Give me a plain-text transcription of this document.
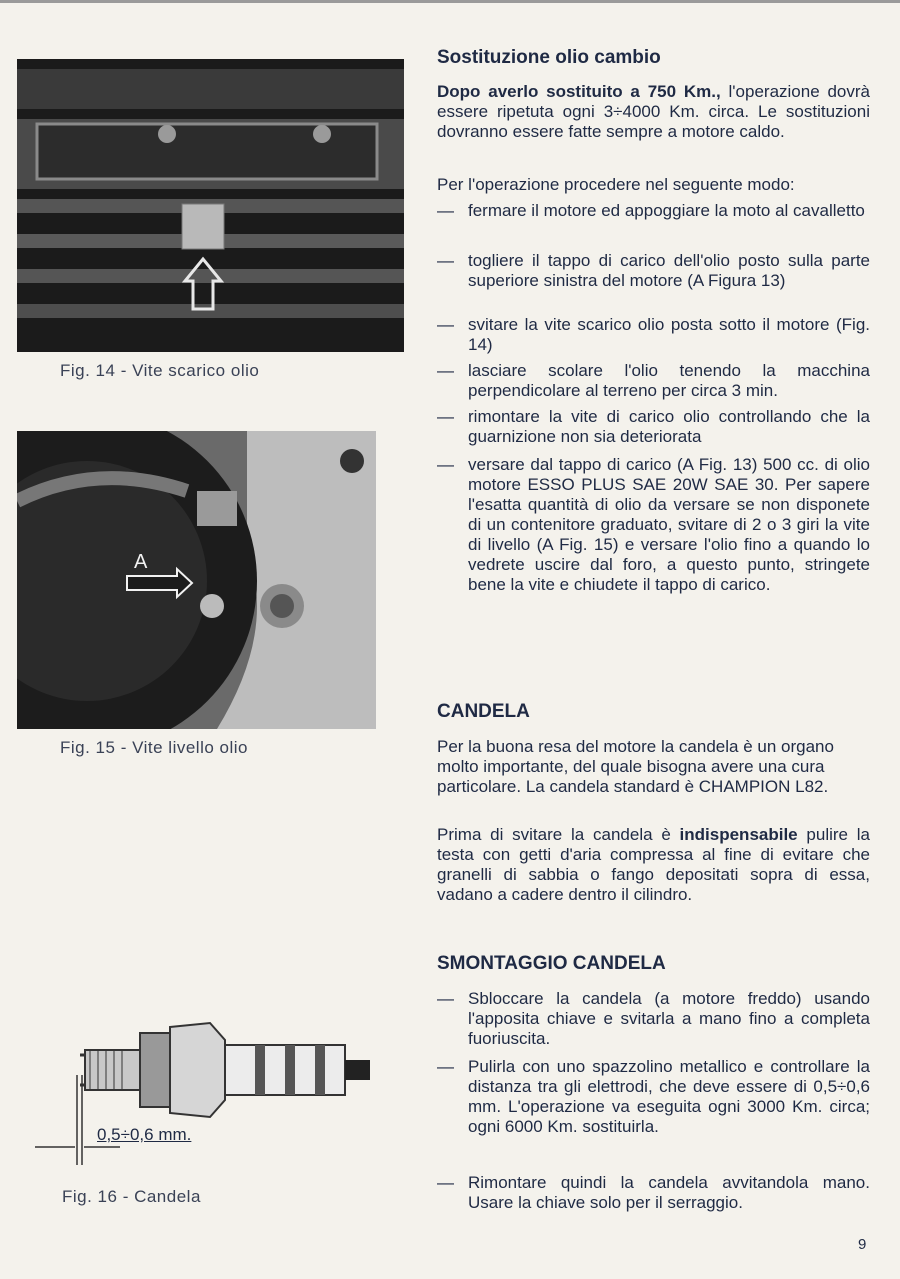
Fig. 14 - Vite scarico olio
A
Fig. 15 - Vite livello olio
0,5÷0,6 mm.
Fig. 16 - Candela
Sostituzione olio cambio

Dopo averlo sostituito a 750 Km., l'operazione dovrà essere ripetuta ogni 3÷4000 Km. circa. Le sostituzioni dovranno essere fatte sempre a motore caldo.

Per l'operazione procedere nel seguente modo:
— fermare il motore ed appoggiare la moto al cavalletto
— togliere il tappo di carico dell'olio posto sulla parte superiore sinistra del motore (A Figura 13)
— svitare la vite scarico olio posta sotto il motore (Fig. 14)
— lasciare scolare l'olio tenendo la macchina perpendicolare al terreno per circa 3 min.
— rimontare la vite di carico olio controllando che la guarnizione non sia deteriorata
— versare dal tappo di carico (A Fig. 13) 500 cc. di olio motore ESSO PLUS SAE 20W SAE 30. Per sapere l'esatta quantità di olio da versare se non disponete di un contenitore graduato, svitare di 2 o 3 giri la vite di livello (A Fig. 15) e versare l'olio fino a quando lo vedrete uscire dal foro, a questo punto, stringete bene la vite e chiudete il tappo di carico.
CANDELA
Per la buona resa del motore la candela è un organo molto importante, del quale bisogna avere una cura particolare. La candela standard è CHAMPION L82.

Prima di svitare la candela è indispensabile pulire la testa con getti d'aria compressa al fine di evitare che granelli di sabbia o fango depositati sopra di essa, vadano a cadere dentro il cilindro.

SMONTAGGIO CANDELA
— Sbloccare la candela (a motore freddo) usando l'apposita chiave e svitarla a mano fino a completa fuoriuscita.
— Pulirla con uno spazzolino metallico e controllare la distanza tra gli elettrodi, che deve essere di 0,5÷0,6 mm. L'operazione va eseguita ogni 3000 Km. circa; ogni 6000 Km. sostituirla.
— Rimontare quindi la candela avvitandola mano. Usare la chiave solo per il serraggio.
9
